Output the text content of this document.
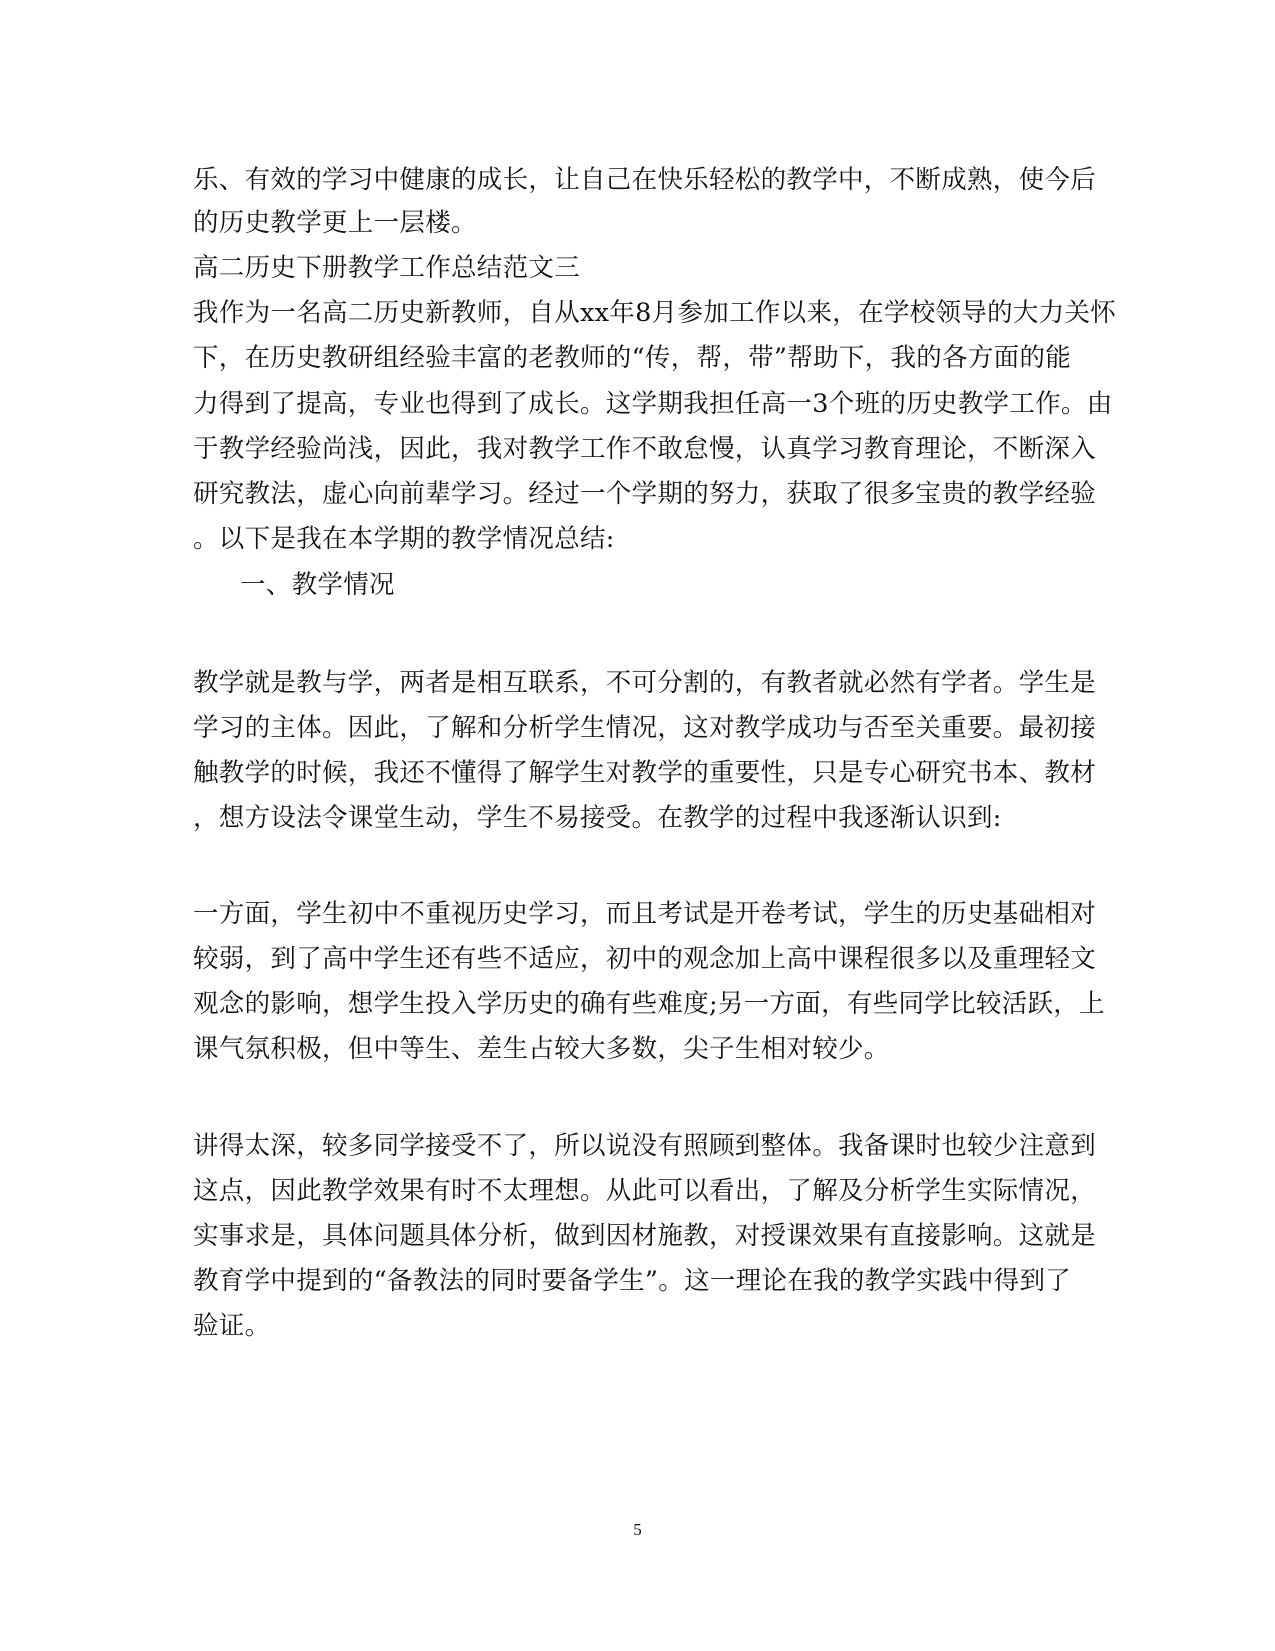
乐、有效的学习中健康的成长，让自己在快乐轻松的教学中，不断成熟，使今后
的历史教学更上一层楼。
高二历史下册教学工作总结范文三
我作为一名高二历史新教师，自从xx年8月参加工作以来，在学校领导的大力关怀
下，在历史教研组经验丰富的老教师的“传，帮，带”帮助下，我的各方面的能
力得到了提高，专业也得到了成长。这学期我担任高一3个班的历史教学工作。由
于教学经验尚浅，因此，我对教学工作不敢怠慢，认真学习教育理论，不断深入
研究教法，虚心向前辈学习。经过一个学期的努力，获取了很多宝贵的教学经验
。以下是我在本学期的教学情况总结:
一、教学情况
教学就是教与学，两者是相互联系，不可分割的，有教者就必然有学者。学生是
学习的主体。因此，了解和分析学生情况，这对教学成功与否至关重要。最初接
触教学的时候，我还不懂得了解学生对教学的重要性，只是专心研究书本、教材
，想方设法令课堂生动，学生不易接受。在教学的过程中我逐渐认识到:
一方面，学生初中不重视历史学习，而且考试是开卷考试，学生的历史基础相对
较弱，到了高中学生还有些不适应，初中的观念加上高中课程很多以及重理轻文
观念的影响，想学生投入学历史的确有些难度;另一方面，有些同学比较活跃，上
课气氛积极，但中等生、差生占较大多数，尖子生相对较少。
讲得太深，较多同学接受不了，所以说没有照顾到整体。我备课时也较少注意到
这点，因此教学效果有时不太理想。从此可以看出，了解及分析学生实际情况，
实事求是，具体问题具体分析，做到因材施教，对授课效果有直接影响。这就是
教育学中提到的“备教法的同时要备学生”。这一理论在我的教学实践中得到了
验证。
5
